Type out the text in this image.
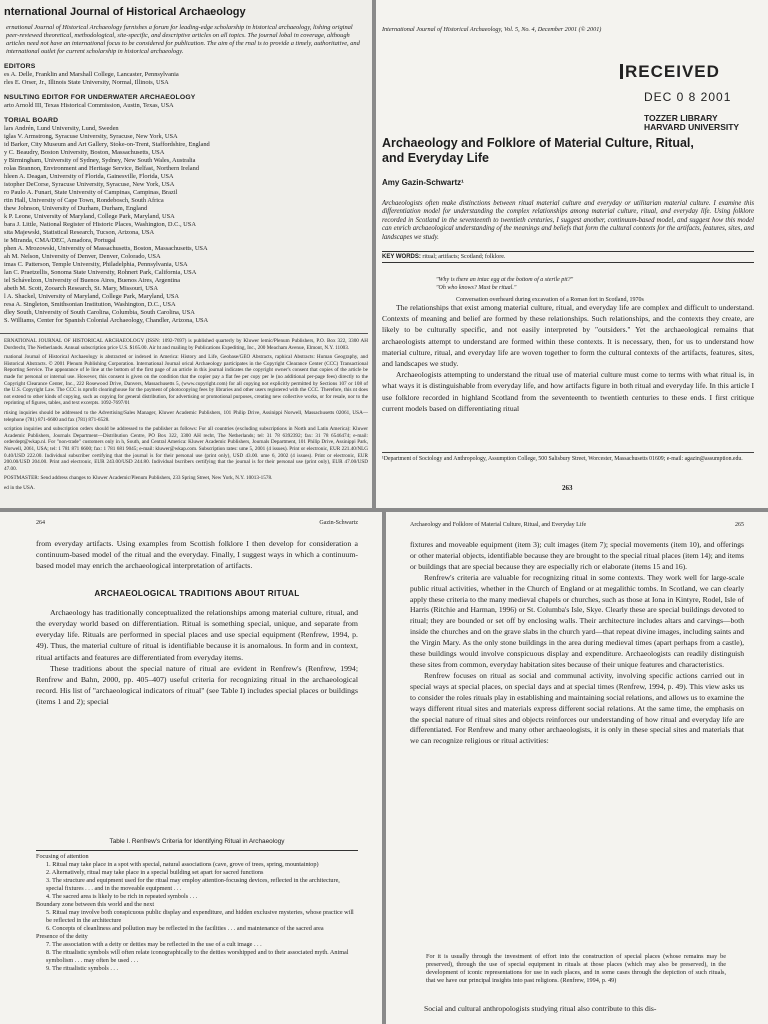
nternational Journal of Historical Archaeology
ernational Journal of Historical Archaeology furnishes a forum for leading-edge scholarship in historical archaeology, lishing original peer-reviewed theoretical, methodological, site-specific, and descriptive articles on all topics. The journal lobal in coverage, although articles need not have an international focus to be considered for publication. The aim of the rnal is to provide a timely, authoritative, and international outlet for current scholarship in historical archaeology.
EDITORS
es A. Delle, Franklin and Marshall College, Lancaster, Pennsylvania
rles E. Orser, Jr., Illinois State University, Normal, Illinois, USA
NSULTING EDITOR FOR UNDERWATER ARCHAEOLOGY
arto Arnold III, Texas Historical Commission, Austin, Texas, USA
TORIAL BOARD
lars Andrén, Lund University, Lund, Sweden
iglas V. Armstrong, Syracuse University, Syracuse, New York, USA
id Barker, City Museum and Art Gallery, Stoke-on-Trent, Staffordshire, England
y C. Beaudry, Boston University, Boston, Massachusetts, USA
y Birmingham, University of Sydney, Sydney, New South Wales, Australia
rolas Brannon, Environment and Heritage Service, Belfast, Northern Ireland
hleen A. Deagan, University of Florida, Gainesville, Florida, USA
istopher DeCorse, Syracuse University, Syracuse, New York, USA
ro Paulo A. Funari, State University of Campinas, Campinas, Brazil
rtin Hall, University of Cape Town, Rondebosch, South Africa
thew Johnson, University of Durham, Durham, England
k P. Leone, University of Maryland, College Park, Maryland, USA
bara J. Little, National Register of Historic Places, Washington, D.C., USA
sita Majewski, Statistical Research, Tucson, Arizona, USA
ie Miranda, CMA/DEC, Amadora, Portugal
phen A. Mrozowski, University of Massachusetts, Boston, Massachusetts, USA
ah M. Nelson, University of Denver, Denver, Colorado, USA
imas C. Patterson, Temple University, Philadelphia, Pennsylvania, USA
lan C. Praetzellis, Sonoma State University, Rohnert Park, California, USA
iel Schávelzon, University of Buenos Aires, Buenos Aires, Argentina
abeth M. Scott, Zooarch Research, St. Mary, Missouri, USA
l A. Shackel, University of Maryland, College Park, Maryland, USA
resa A. Singleton, Smithsonian Institution, Washington, D.C., USA
dley South, University of South Carolina, Columbia, South Carolina, USA
S. Williams, Center for Spanish Colonial Archaeology, Chandler, Arizona, USA
ERNATIONAL JOURNAL OF HISTORICAL ARCHAEOLOGY (ISSN: 1092-7697) is published quarterly by Kluwer lemic/Plenum Publishers, P.O. Box 322, 3300 AH Dordrecht, The Netherlands. Annual subscription price U.S. $165.00. Air ht and mailing by Publications Expediting, Inc., 200 Meacham Avenue, Elmont, N.Y. 11003.
rnational Journal of Historical Archaeology is abstracted or indexed in America: History and Life, Geobase/GEO Abstracts, raphical Abstracts: Human Geography, and Historical Abstracts. © 2001 Plenum Publishing Corporation. International Journal orical Archaeology participates in the Copyright Clearance Center (CCC) Transactional Reporting Service. The appearance of le line at the bottom of the first page of an article in this journal indicates the copyright owner's consent that copies of the article be made for personal or internal use. However, this consent is given on the condition that the copier pay a flat fee per copy per le (no additional per-page fees) directly to the Copyright Clearance Center, Inc., 222 Rosewood Drive, Danvers, Massachusetts 5, (www.copyright.com) for all copying not explicitly permitted by Sections 107 or 108 of the U.S. Copyright Law. The CCC is nprofit clearinghouse for the payment of photocopying fees by libraries and other users registered with the CCC. Therefore, this nt does not extend to other kinds of copying, such as copying for general distribution, for advertising or promotional purposes, creating new collective works, or for resale, nor to the reprinting of figures, tables, and text excerpts. 1092-7697/01
rtising inquiries should be addressed to the Advertising/Sales Manager, Kluwer Academic Publishers, 101 Philip Drive, Assinippi Norwell, Massachusetts 02061, USA—telephone (781) 871-6600 and fax (781) 871-6528.
scription inquiries and subscription orders should be addressed to the publisher as follows: For all countries (excluding subscriptions in North and Latin America): Kluwer Academic Publishers, Journals Department—Distribution Centre, PO Box 322, 3300 AH recht, The Netherlands; tel: 31 78 6392392; fax: 31 78 6546474; e-mail: orderdept@wkap.nl. For "non-trade" customers only in h, South, and Central America: Kluwer Academic Publishers, Journals Department, 101 Philip Drive, Assinippi Park, Norwell, 2061, USA; tel: 1 781 871 6600; fax: 1 781 681 9045; e-mail: kluwer@wkap.com. Subscription rates: ume 5, 2001 (4 issues). Print or electronic, EUR 221.40/NLG 0.40/USD 222.00. Individual subscriber certifying that the journal is for their personal use (print only), USD 43.00. ume 6, 2002 (4 issues). Print or electronic, EUR 200.00/USD 204.00. Print and electronic, EUR 243.00/USD 244.80. Individual bscribers certifying that the journal is for their personal use (print only), EUR 47.00/USD 47.00.
POSTMASTER: Send address changes to Kluwer Academic/Plenum Publishers, 233 Spring Street, New York, N.Y. 10013-1578.
ed in the USA.
International Journal of Historical Archaeology, Vol. 5, No. 4, December 2001 (© 2001)
RECEIVED
DEC 0 8 2001
TOZZER LIBRARY
HARVARD UNIVERSITY
Archaeology and Folklore of Material Culture, Ritual, and Everyday Life
Amy Gazin-Schwartz¹
Archaeologists often make distinctions between ritual material culture and everyday or utilitarian material culture. I examine this differentiation model for understanding the complex relationships among material culture, ritual, and everyday life. Using folklore recorded in Scotland in the seventeenth to twentieth centuries, I suggest another, continuum-based model, and suggest how this model can enrich archaeological understanding of the meanings and beliefs that form the cultural contexts for the artifacts, features, sites, and landscapes we study.
KEY WORDS: ritual; artifacts; Scotland; folklore.
"Why is there an intac egg at the bottom of a sterile pit?"
"Oh who knows? Must be ritual."
Conversation overheard during excavation of a Roman fort in Scotland, 1970s

The relationships that exist among material culture, ritual, and everyday life are complex and difficult to understand. Contexts of meaning and belief are formed by these relationships. Such relationships, and the contexts they create, are likely to be culturally specific, and not easily interpreted by "outsiders." Yet the archaeological remains that archaeologists attempt to understand are formed within these contexts. It is necessary, then, for us to understand how material culture, ritual, and everyday life are woven together to form the cultural contexts of the artifacts, features, sites, and landscapes we study.

Archaeologists attempting to understand the ritual use of material culture must come to terms with what ritual is, in what ways it is distinguishable from everyday life, and how artifacts figure in both ritual and everyday life. In this article I use folklore recorded in highland Scotland from the seventeenth to twentieth centuries to these ends. I first critique current models based on differentiating ritual

¹Department of Sociology and Anthropology, Assumption College, 500 Salisbury Street, Worcester, Massachusetts 01609; e-mail: agazin@assumption.edu.
263
264	Gazin-Schwartz

from everyday artifacts. Using examples from Scottish folklore I then develop for consideration a continuum-based model of the ritual and the everyday. Finally, I suggest ways in which a continuum-based model may enrich the archaeological interpretation of artifacts.

ARCHAEOLOGICAL TRADITIONS ABOUT RITUAL

Archaeology has traditionally conceptualized the relationships among material culture, ritual, and the everyday world based on differentiation. Ritual is something special, unique, and separate from everyday life. Rituals are performed in special places and use special equipment (Renfrew, 1994, p. 49). Thus, the material culture of ritual is identifiable because it is anomalous. In form and in context, ritual artifacts and features are differentiated from everyday items.

These traditions about the special nature of ritual are evident in Renfrew's (Renfrew, 1994; Renfrew and Bahn, 2000, pp. 405–407) useful criteria for recognizing ritual in the archaeological record. His list of "archaeological indicators of ritual" (see Table I) includes special places or buildings (items 1 and 2); special

Table I. Renfrew's Criteria for Identifying Ritual in Archaeology
Focusing of attention
1. Ritual may take place in a spot with special, natural associations (cave, grove of trees, spring, mountaintop)
2. Alternatively, ritual may take place in a special building set apart for sacred functions
3. The structure and equipment used for the ritual may employ attention-focusing devices, reflected in the architecture, special fixtures . . . and in the moveable equipment . . .
4. The sacred area is likely to be rich in repeated symbols . . .
Boundary zone between this world and the next
5. Ritual may involve both conspicuous public display and expenditure, and hidden exclusive mysteries, whose practice will be reflected in the architecture
6. Concepts of cleanliness and pollution may be reflected in the facilities . . . and maintenance of the sacred area
Presence of the deity
7. The association with a deity or deities may be reflected in the use of a cult image . . .
8. The ritualistic symbols will often relate iconographically to the deities worshipped and to their associated myth. Animal symbolism . . . may often be used . . .
9. The ritualistic symbols . . .
Archaeology and Folklore of Material Culture, Ritual, and Everyday Life	265

fixtures and moveable equipment (item 3); cult images (item 7); special movements (item 10), and offerings or other material objects, identifiable because they are brought to the special ritual places (item 14); and items or buildings that are special because they are especially rich or elaborate (items 15 and 16).

Renfrew's criteria are valuable for recognizing ritual in some contexts. They work well for large-scale public ritual activities, whether in the Church of England or at megalithic tombs. In Scotland, we can clearly apply these criteria to the many medieval chapels or churches, such as those at Iona in Kintyre, Rodel, Isle of Harris (Ritchie and Harman, 1996) or St. Columba's Isle, Skye. Clearly these are special buildings devoted to ritual; they are bounded or set off by enclosing walls. Their architecture includes altars and carvings—both inside the churches and on the grave slabs in the church yard—that repeat divine images, including saints and the Virgin Mary. As the only stone buildings in the area during medieval times (apart perhaps from a castle), these buildings would involve conspicuous display and expenditure. Archaeologists can readily distinguish these sites from common, everyday habitation sites because of their unique features and characteristics.

Renfrew focuses on ritual as social and communal activity, involving specific actions carried out in special ways at special places, on special days and at special times (Renfrew, 1994, p. 49). This view asks us to consider the roles rituals play in establishing and maintaining social relations, and allows us to examine the ways different ritual sites and materials express different social relations. At the same time, the emphasis on the special nature of ritual sites and objects reinforces our understanding of how ritual and everyday life are differentiated. For Renfrew and many other archaeologists, it is only in these special sites and materials that we can recognize religious or ritual activities:

For it is usually through the investment of effort into the construction of special places (whose remains may be preserved), through the use of special equipment in rituals at those places (which may also be preserved), in the development of iconic representations for use in such places, and in some cases through the depiction of such rituals, that we have our principal insights into past religions. (Renfrew, 1994, p. 49)
Social and cultural anthropologists studying ritual also contribute to this dis-
